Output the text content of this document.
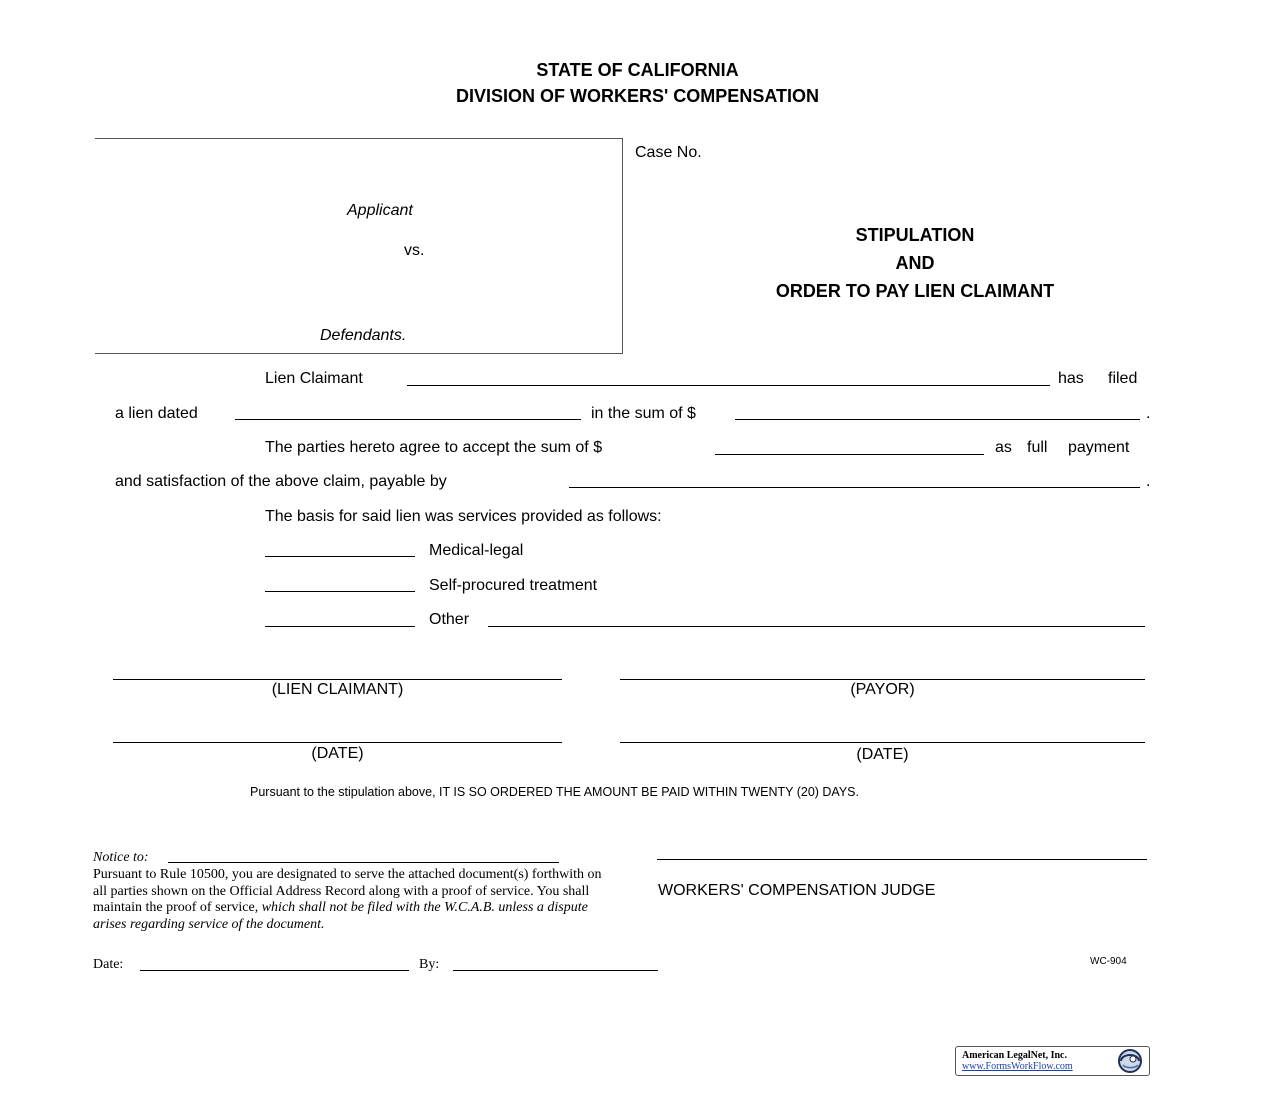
STATE OF CALIFORNIA
DIVISION OF WORKERS' COMPENSATION
Applicant
vs.
Defendants.
Case No.
STIPULATION
AND
ORDER TO PAY LIEN CLAIMANT
Lien Claimant	has filed
a lien dated	in the sum of $	.
The parties hereto agree to accept the sum of $	as full payment
and satisfaction of the above claim, payable by	.
The basis for said lien was services provided as follows:
Medical-legal
Self-procured treatment
Other
(LIEN CLAIMANT)	(PAYOR)
(DATE)	(DATE)
Pursuant to the stipulation above, IT IS SO ORDERED THE AMOUNT BE PAID WITHIN TWENTY (20) DAYS.
Notice to:
Pursuant to Rule 10500, you are designated to serve the attached document(s) forthwith on all parties shown on the Official Address Record along with a proof of service. You shall maintain the proof of service, which shall not be filed with the W.C.A.B. unless a dispute arises regarding service of the document.
Date:	By:
WORKERS' COMPENSATION JUDGE
WC-904
American LegalNet, Inc.
www.FormsWorkFlow.com
